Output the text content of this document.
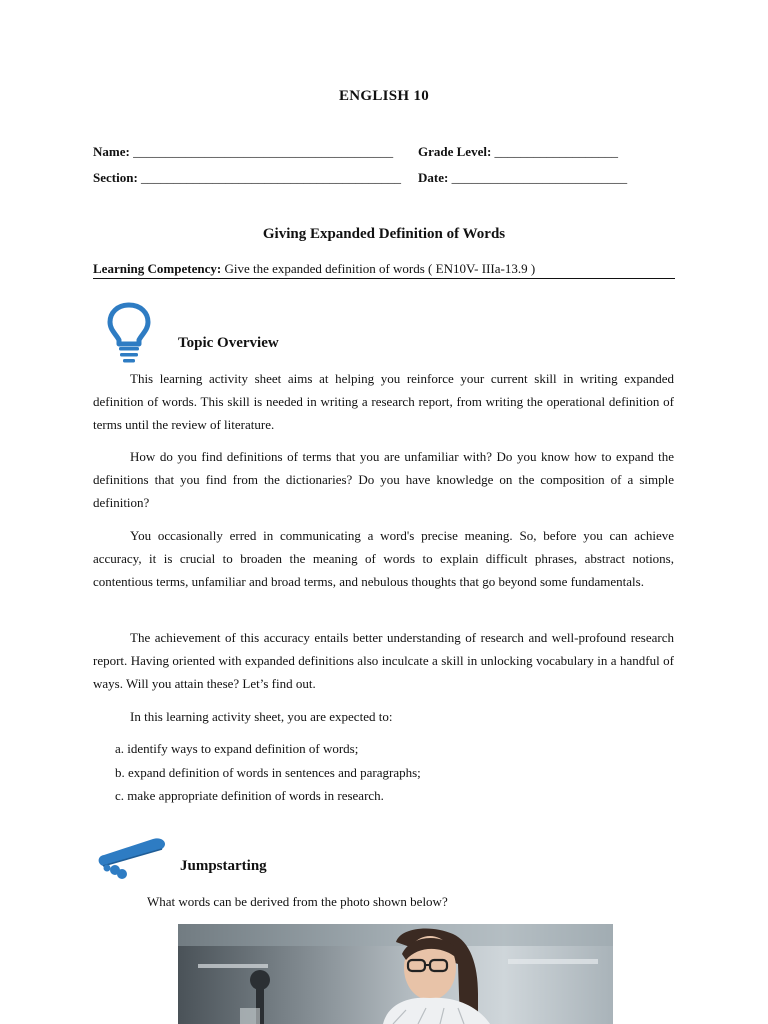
ENGLISH 10
Name: ________________________________________ Grade Level: ___________________
Section: ________________________________________ Date: ___________________________
Giving Expanded Definition of Words
Learning Competency: Give the expanded definition of words ( EN10V- IIIa-13.9 )
Topic Overview

This learning activity sheet aims at helping you reinforce your current skill in writing expanded definition of words. This skill is needed in writing a research report, from writing the operational definition of terms until the review of literature.

How do you find definitions of terms that you are unfamiliar with? Do you know how to expand the definitions that you find from the dictionaries? Do you have knowledge on the composition of a simple definition?

You occasionally erred in communicating a word's precise meaning. So, before you can achieve accuracy, it is crucial to broaden the meaning of words to explain difficult phrases, abstract notions, contentious terms, unfamiliar and broad terms, and nebulous thoughts that go beyond some fundamentals.

The achievement of this accuracy entails better understanding of research and well-profound research report. Having oriented with expanded definitions also inculcate a skill in unlocking vocabulary in a handful of ways. Will you attain these? Let’s find out.

In this learning activity sheet, you are expected to:

a. identify ways to expand definition of words;
b. expand definition of words in sentences and paragraphs;
c. make appropriate definition of words in research.
Jumpstarting
What words can be derived from the photo shown below?
